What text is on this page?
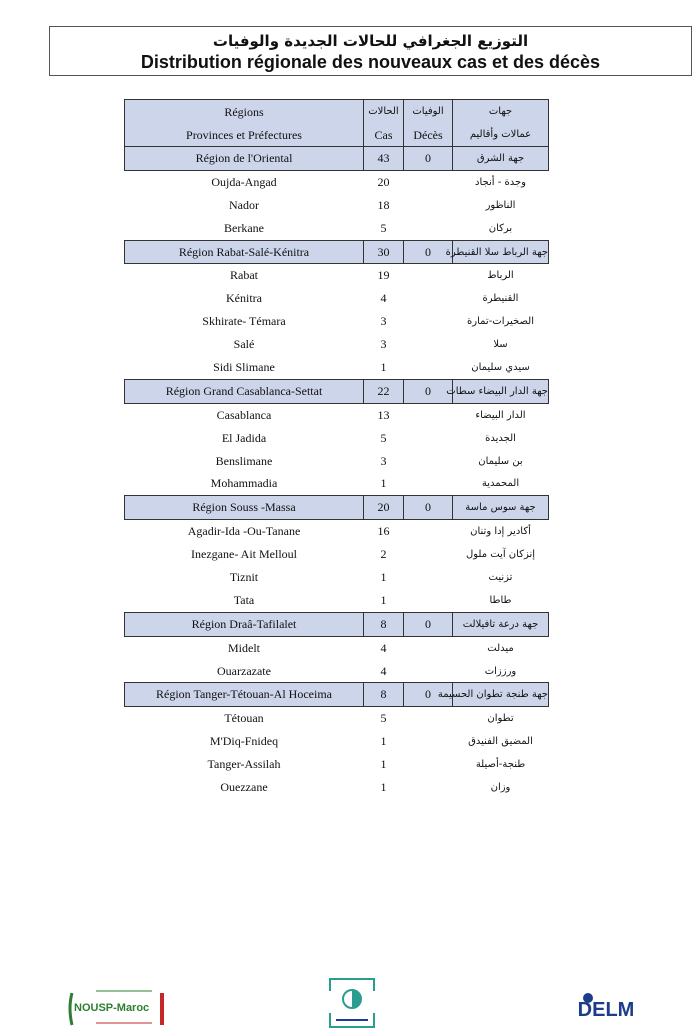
التوزيع الجغرافي للحالات الجديدة والوفيات
Distribution régionale des nouveaux cas et des décès
Régions	الحالات	الوفيات	جهات
Provinces et Préfectures	Cas	Décès	عمالات وأقاليم
Région de l'Oriental	43	0	جهة الشرق
Oujda-Angad	20		وجدة - أنجاد
Nador	18		الناظور
Berkane	5		بركان
Région Rabat-Salé-Kénitra	30	0	جهة الرباط سلا القنيطرة
Rabat	19		الرباط
Kénitra	4		القنيطرة
Skhirate- Témara	3		الصخيرات-تمارة
Salé	3		سلا
Sidi Slimane	1		سيدي سليمان
Région Grand Casablanca-Settat	22	0	جهة الدار البيضاء سطات
Casablanca	13		الدار البيضاء
El Jadida	5		الجديدة
Benslimane	3		بن سليمان
Mohammadia	1		المحمدية
Région Souss -Massa	20	0	جهة سوس ماسة
Agadir-Ida -Ou-Tanane	16		أكادير إدا وتنان
Inezgane- Ait Melloul	2		إنزكان آيت ملول
Tiznit	1		تزنيت
Tata	1		طاطا
Région Draâ-Tafilalet	8	0	جهة درعة تافيلالت
Midelt	4		ميدلت
Ouarzazate	4		ورززات
Région Tanger-Tétouan-Al Hoceima	8	0	جهة طنجة تطوان الحسيمة
Tétouan	5		تطوان
M'Diq-Fnideq	1		المضيق الفنيدق
Tanger-Assilah	1		طنجة-أصيلة
Ouezzane	1		وزان
NOUSP-Maroc	DELM
